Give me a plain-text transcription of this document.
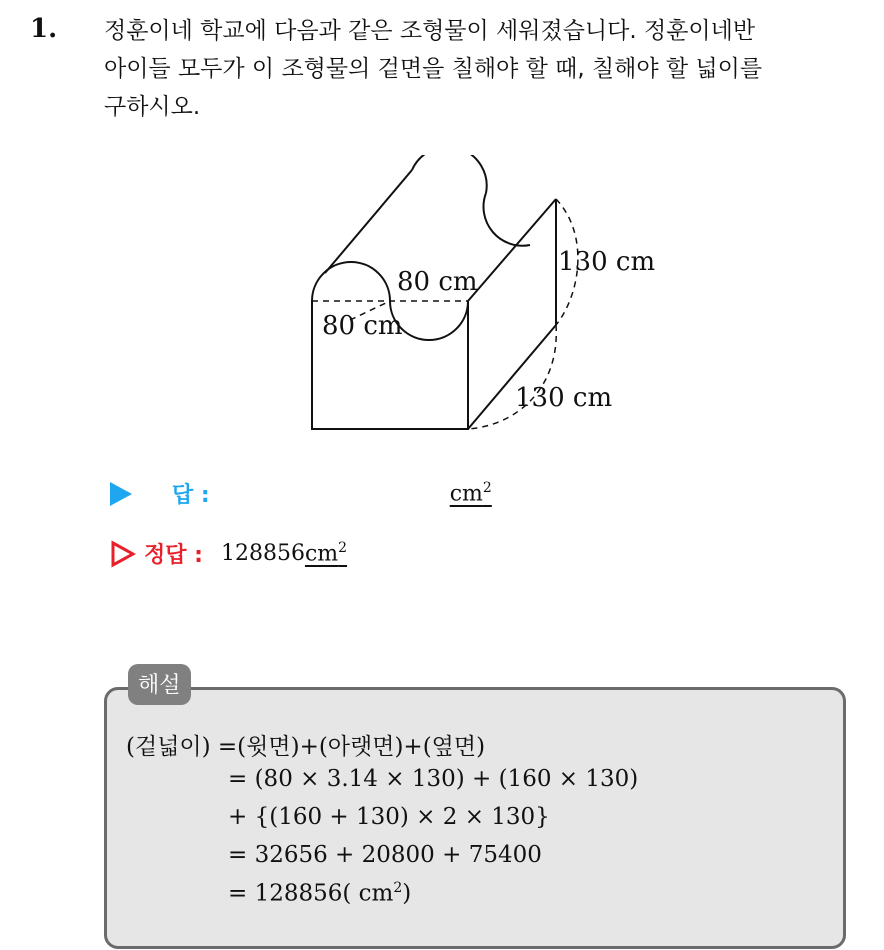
1. 정훈이네 학교에 다음과 같은 조형물이 세워졌습니다. 정훈이네반
아이들 모두가 이 조형물의 겉면을 칠해야 할 때, 칠해야 할 넓이를
구하시오.
130 cm
80 cm
80 cm
130 cm
답 :	$cm^2$
정답 : 128856 $cm^2$
해설
(겉넓이) =(윗면)+(아랫면)+(옆면)
= (80 × 3.14 × 130) + (160 × 130)
+ {(160 + 130) × 2 × 130}
= 32656 + 20800 + 75400
= 128856( $cm^2$)
